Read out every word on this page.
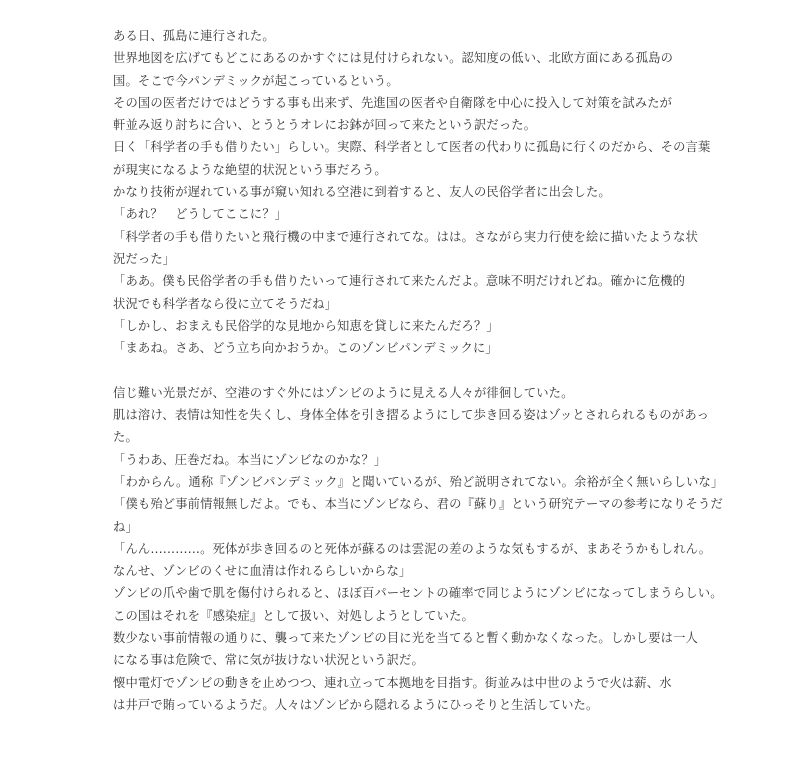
ある日、孤島に連行された。
世界地図を広げてもどこにあるのかすぐには見付けられない。認知度の低い、北欧方面にある孤島の
国。そこで今パンデミックが起こっているという。
その国の医者だけではどうする事も出来ず、先進国の医者や自衛隊を中心に投入して対策を試みたが
軒並み返り討ちに合い、とうとうオレにお鉢が回って来たという訳だった。
日く「科学者の手も借りたい」らしい。実際、科学者として医者の代わりに孤島に行くのだから、その言葉
が現実になるような絶望的状況という事だろう。
かなり技術が遅れている事が窺い知れる空港に到着すると、友人の民俗学者に出会した。
「あれ？　どうしてここに？」
「科学者の手も借りたいと飛行機の中まで連行されてな。はは。さながら実力行使を絵に描いたような状
況だった」
「ああ。僕も民俗学者の手も借りたいって連行されて来たんだよ。意味不明だけれどね。確かに危機的
状況でも科学者なら役に立てそうだね」
「しかし、おまえも民俗学的な見地から知恵を貸しに来たんだろ？」
「まあね。さあ、どう立ち向かおうか。このゾンビパンデミックに」
信じ難い光景だが、空港のすぐ外にはゾンビのように見える人々が徘徊していた。
肌は溶け、表情は知性を失くし、身体全体を引き摺るようにして歩き回る姿はゾッとされられるものがあっ
た。
「うわあ、圧巻だね。本当にゾンビなのかな？」
「わからん。通称『ゾンビパンデミック』と聞いているが、殆ど説明されてない。余裕が全く無いらしいな」
「僕も殆ど事前情報無しだよ。でも、本当にゾンビなら、君の『蘇り』という研究テーマの参考になりそうだ
ね」
「んん…………。死体が歩き回るのと死体が蘇るのは雲泥の差のような気もするが、まあそうかもしれん。
なんせ、ゾンビのくせに血清は作れるらしいからな」
ゾンビの爪や歯で肌を傷付けられると、ほぼ百パーセントの確率で同じようにゾンビになってしまうらしい。
この国はそれを『感染症』として扱い、対処しようとしていた。
数少ない事前情報の通りに、襲って来たゾンビの目に光を当てると暫く動かなくなった。しかし要は一人
になる事は危険で、常に気が抜けない状況という訳だ。
懐中電灯でゾンビの動きを止めつつ、連れ立って本拠地を目指す。街並みは中世のようで火は薪、水
は井戸で賄っているようだ。人々はゾンビから隠れるようにひっそりと生活していた。
